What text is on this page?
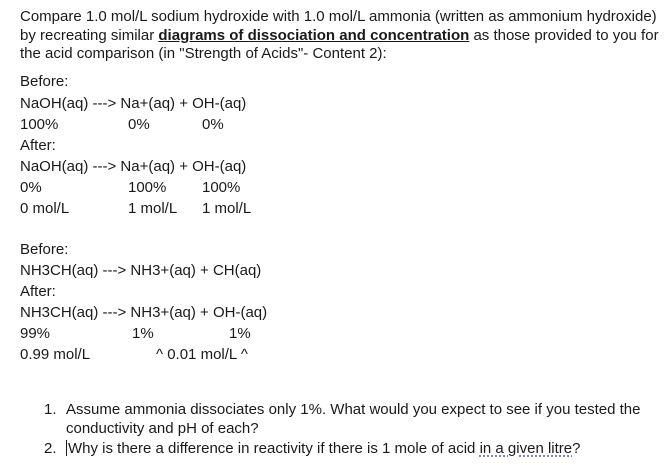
Compare 1.0 mol/L sodium hydroxide with 1.0 mol/L ammonia (written as ammonium hydroxide) by recreating similar diagrams of dissociation and concentration as those provided to you for the acid comparison (in "Strength of Acids"- Content 2):
Before:
NaOH(aq) ---> Na+(aq) + OH-(aq)
100%	0%	0%
After:
NaOH(aq) ---> Na+(aq) + OH-(aq)
0%	100% 100%
0 mol/L	1 mol/L 1 mol/L
Before:
NH3CH(aq) ---> NH3+(aq) + CH(aq)
After:
NH3CH(aq) ---> NH3+(aq) + OH-(aq)
99%	1%	1%
0.99 mol/L	^ 0.01 mol/L ^
1. Assume ammonia dissociates only 1%. What would you expect to see if you tested the conductivity and pH of each?
2. Why is there a difference in reactivity if there is 1 mole of acid in a given litre?
